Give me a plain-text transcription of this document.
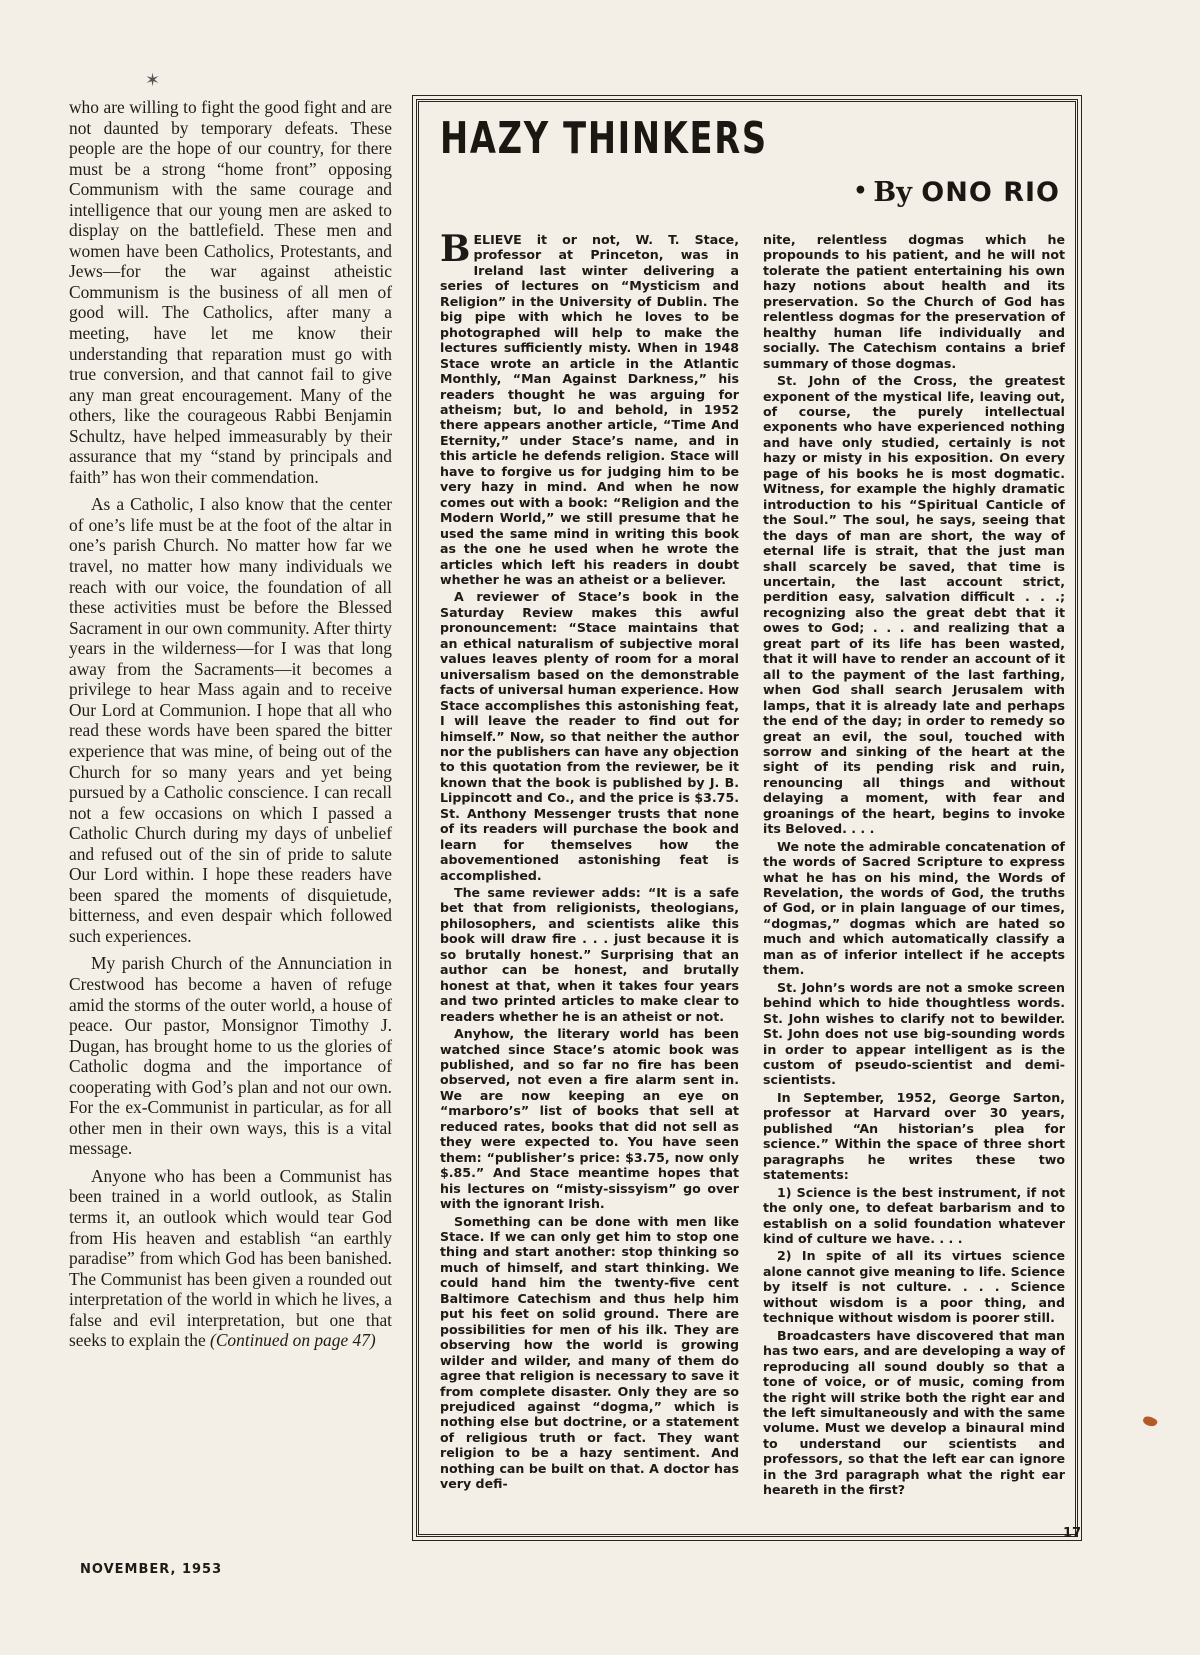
✶

who are willing to fight the good fight and are not daunted by temporary defeats. These people are the hope of our country, for there must be a strong “home front” opposing Communism with the same courage and intelligence that our young men are asked to display on the battlefield. These men and women have been Catholics, Protestants, and Jews—for the war against atheistic Communism is the business of all men of good will. The Catholics, after many a meeting, have let me know their understanding that reparation must go with true conversion, and that cannot fail to give any man great encouragement. Many of the others, like the courageous Rabbi Benjamin Schultz, have helped immeasurably by their assurance that my “stand by principals and faith” has won their commendation.

As a Catholic, I also know that the center of one’s life must be at the foot of the altar in one’s parish Church. No matter how far we travel, no matter how many individuals we reach with our voice, the foundation of all these activities must be before the Blessed Sacrament in our own community. After thirty years in the wilderness—for I was that long away from the Sacraments—it becomes a privilege to hear Mass again and to receive Our Lord at Communion. I hope that all who read these words have been spared the bitter experience that was mine, of being out of the Church for so many years and yet being pursued by a Catholic conscience. I can recall not a few occasions on which I passed a Catholic Church during my days of unbelief and refused out of the sin of pride to salute Our Lord within. I hope these readers have been spared the moments of disquietude, bitterness, and even despair which followed such experiences.

My parish Church of the Annunciation in Crestwood has become a haven of refuge amid the storms of the outer world, a house of peace. Our pastor, Monsignor Timothy J. Dugan, has brought home to us the glories of Catholic dogma and the importance of cooperating with God’s plan and not our own. For the ex-Communist in particular, as for all other men in their own ways, this is a vital message.

Anyone who has been a Communist has been trained in a world outlook, as Stalin terms it, an outlook which would tear God from His heaven and establish “an earthly paradise” from which God has been banished. The Communist has been given a rounded out interpretation of the world in which he lives, a false and evil interpretation, but one that seeks to explain the (Continued on page 47)

HAZY THINKERS
• By ONO RIO

BELIEVE it or not, W. T. Stace, professor at Princeton, was in Ireland last winter delivering a series of lectures on “Mysticism and Religion” in the University of Dublin. The big pipe with which he loves to be photographed will help to make the lectures sufficiently misty. When in 1948 Stace wrote an article in the Atlantic Monthly, “Man Against Darkness,” his readers thought he was arguing for atheism; but, lo and behold, in 1952 there appears another article, “Time And Eternity,” under Stace’s name, and in this article he defends religion. Stace will have to forgive us for judging him to be very hazy in mind. And when he now comes out with a book: “Religion and the Modern World,” we still presume that he used the same mind in writing this book as the one he used when he wrote the articles which left his readers in doubt whether he was an atheist or a believer.

A reviewer of Stace’s book in the Saturday Review makes this awful pronouncement: “Stace maintains that an ethical naturalism of subjective moral values leaves plenty of room for a moral universalism based on the demonstrable facts of universal human experience. How Stace accomplishes this astonishing feat, I will leave the reader to find out for himself.” Now, so that neither the author nor the publishers can have any objection to this quotation from the reviewer, be it known that the book is published by J. B. Lippincott and Co., and the price is $3.75. St. Anthony Messenger trusts that none of its readers will purchase the book and learn for themselves how the abovementioned astonishing feat is accomplished.

The same reviewer adds: “It is a safe bet that from religionists, theologians, philosophers, and scientists alike this book will draw fire . . . just because it is so brutally honest.” Surprising that an author can be honest, and brutally honest at that, when it takes four years and two printed articles to make clear to readers whether he is an atheist or not.

Anyhow, the literary world has been watched since Stace’s atomic book was published, and so far no fire has been observed, not even a fire alarm sent in. We are now keeping an eye on “marboro’s” list of books that sell at reduced rates, books that did not sell as they were expected to. You have seen them: “publisher’s price: $3.75, now only $.85.” And Stace meantime hopes that his lectures on “misty-sissyism” go over with the ignorant Irish.

Something can be done with men like Stace. If we can only get him to stop one thing and start another: stop thinking so much of himself, and start thinking. We could hand him the twenty-five cent Baltimore Catechism and thus help him put his feet on solid ground. There are possibilities for men of his ilk. They are observing how the world is growing wilder and wilder, and many of them do agree that religion is necessary to save it from complete disaster. Only they are so prejudiced against “dogma,” which is nothing else but doctrine, or a statement of religious truth or fact. They want religion to be a hazy sentiment. And nothing can be built on that. A doctor has very defi-

nite, relentless dogmas which he propounds to his patient, and he will not tolerate the patient entertaining his own hazy notions about health and its preservation. So the Church of God has relentless dogmas for the preservation of healthy human life individually and socially. The Catechism contains a brief summary of those dogmas.

St. John of the Cross, the greatest exponent of the mystical life, leaving out, of course, the purely intellectual exponents who have experienced nothing and have only studied, certainly is not hazy or misty in his exposition. On every page of his books he is most dogmatic. Witness, for example the highly dramatic introduction to his “Spiritual Canticle of the Soul.” The soul, he says, seeing that the days of man are short, the way of eternal life is strait, that the just man shall scarcely be saved, that time is uncertain, the last account strict, perdition easy, salvation difficult . . .; recognizing also the great debt that it owes to God; . . . and realizing that a great part of its life has been wasted, that it will have to render an account of it all to the payment of the last farthing, when God shall search Jerusalem with lamps, that it is already late and perhaps the end of the day; in order to remedy so great an evil, the soul, touched with sorrow and sinking of the heart at the sight of its pending risk and ruin, renouncing all things and without delaying a moment, with fear and groanings of the heart, begins to invoke its Beloved. . . .

We note the admirable concatenation of the words of Sacred Scripture to express what he has on his mind, the Words of Revelation, the words of God, the truths of God, or in plain language of our times, “dogmas,” dogmas which are hated so much and which automatically classify a man as of inferior intellect if he accepts them.

St. John’s words are not a smoke screen behind which to hide thoughtless words. St. John wishes to clarify not to bewilder. St. John does not use big-sounding words in order to appear intelligent as is the custom of pseudo-scientist and demi-scientists.

In September, 1952, George Sarton, professor at Harvard over 30 years, published “An historian’s plea for science.” Within the space of three short paragraphs he writes these two statements:

1) Science is the best instrument, if not the only one, to defeat barbarism and to establish on a solid foundation whatever kind of culture we have. . . .

2) In spite of all its virtues science alone cannot give meaning to life. Science by itself is not culture. . . . Science without wisdom is a poor thing, and technique without wisdom is poorer still.

Broadcasters have discovered that man has two ears, and are developing a way of reproducing all sound doubly so that a tone of voice, or of music, coming from the right will strike both the right ear and the left simultaneously and with the same volume. Must we develop a binaural mind to understand our scientists and professors, so that the left ear can ignore in the 3rd paragraph what the right ear heareth in the first?

NOVEMBER, 1953
17
